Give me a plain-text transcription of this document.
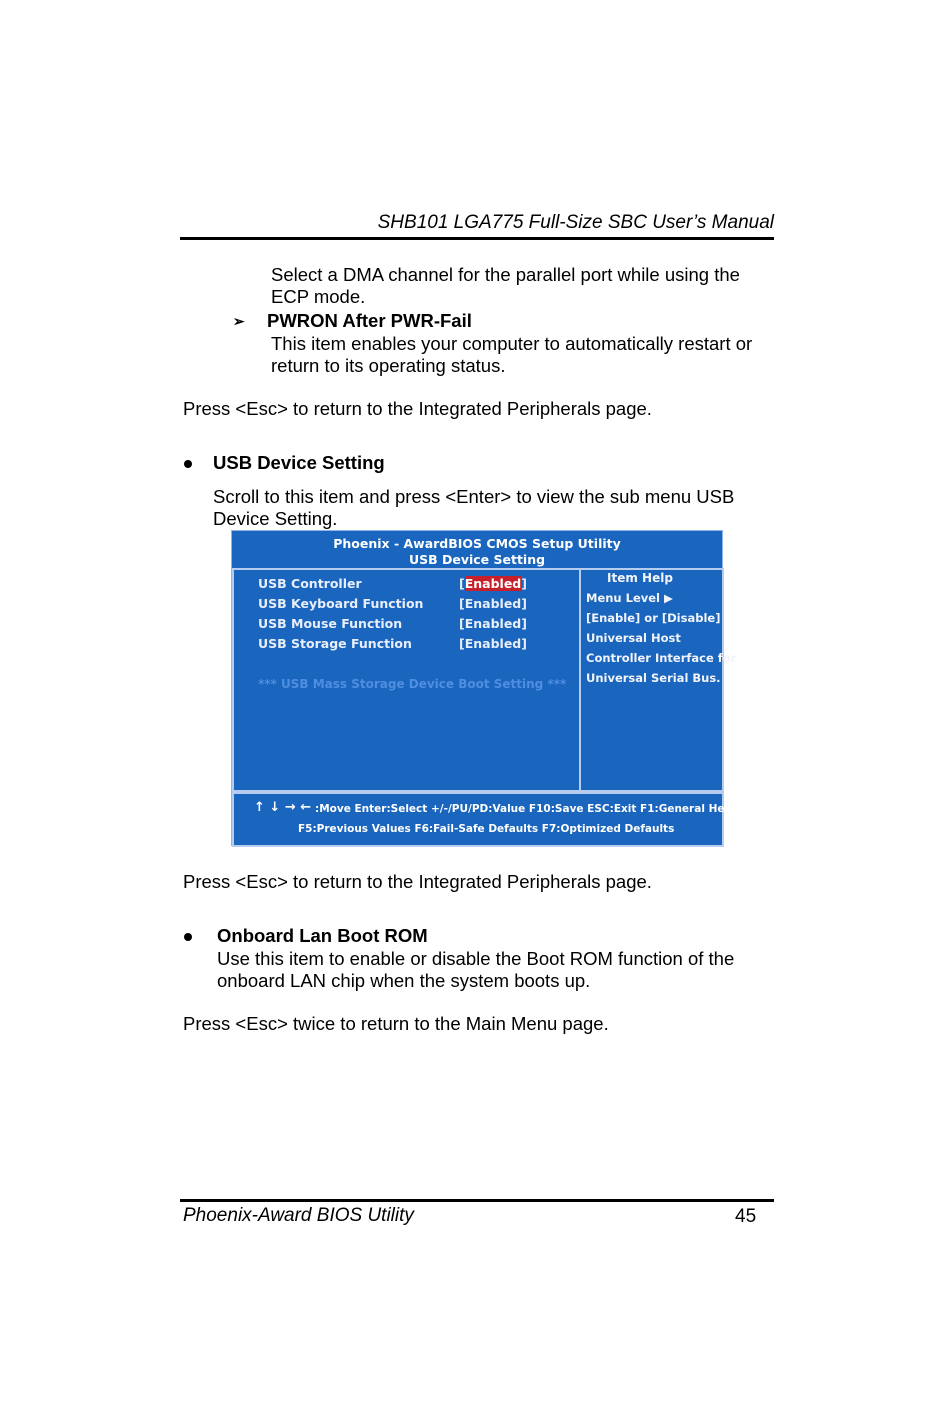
SHB101 LGA775 Full-Size SBC User’s Manual
Select a DMA channel for the parallel port while using the
ECP mode.
➢ PWRON After PWR-Fail
This item enables your computer to automatically restart or
return to its operating status.
Press <Esc> to return to the Integrated Peripherals page.
USB Device Setting
Scroll to this item and press <Enter> to view the sub menu USB
Device Setting.
Phoenix - AwardBIOS CMOS Setup Utility
USB Device Setting
USB Controller	[Enabled]
USB Keyboard Function	[Enabled]
USB Mouse Function	[Enabled]
USB Storage Function	[Enabled]
*** USB Mass Storage Device Boot Setting ***
Item Help
Menu Level ▶
[Enable] or [Disable]
Universal Host
Controller Interface for
Universal Serial Bus.
↑ ↓ → ← :Move Enter:Select +/-/PU/PD:Value F10:Save ESC:Exit F1:General Help
F5:Previous Values F6:Fail-Safe Defaults F7:Optimized Defaults
Press <Esc> to return to the Integrated Peripherals page.
Onboard Lan Boot ROM
Use this item to enable or disable the Boot ROM function of the
onboard LAN chip when the system boots up.
Press <Esc> twice to return to the Main Menu page.
Phoenix-Award BIOS Utility	45
